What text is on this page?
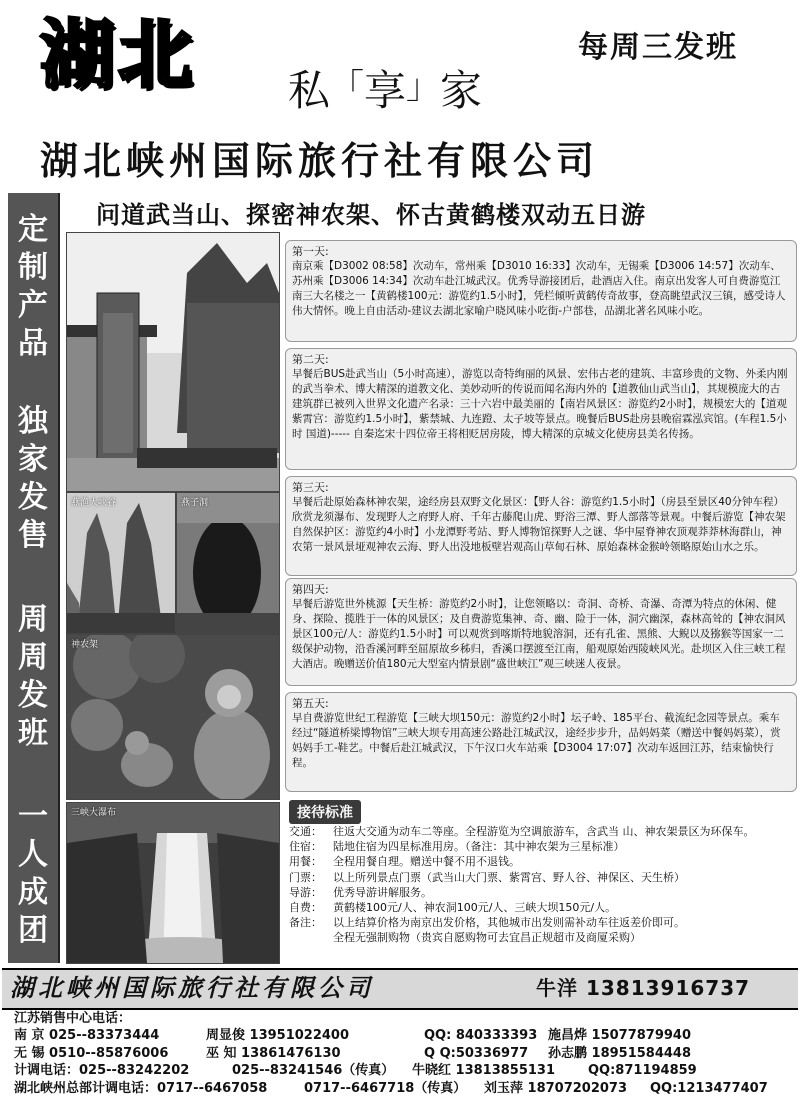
湖北 私「享」家
每周三发班
湖北峡州国际旅行社有限公司
问道武当山、探密神农架、怀古黄鹤楼双动五日游
定
制
产
品
独
家
发
售
周
周
发
班
一
人
成
团
燕渔大峡谷	燕子洞
神农架
三峡大瀑布
第一天:
南京乘【D3002 08:58】次动车，常州乘【D3010 16:33】次动车，无锡乘【D3006 14:57】次动车、苏州乘【D3006 14:34】次动车赴江城武汉。优秀导游接团后，赴酒店入住。南京出发客人可自费游览江南三大名楼之一【黄鹤楼100元：游览约1.5小时】，凭栏倾听黄鹤传奇故事，登高眺望武汉三镇，感受诗人伟大情怀。晚上自由活动-建议去湖北家喻户晓风味小吃街-户部巷，品湖北著名风味小吃。
第二天:
早餐后BUS赴武当山（5小时高速），游览以奇特绚丽的风景、宏伟古老的建筑、丰富珍贵的文物、外柔内刚的武当拳术、博大精深的道教文化、美妙动听的传说而闻名海内外的【道教仙山武当山】，其规模庞大的古建筑群已被列入世界文化遗产名录：三十六岩中最美丽的【南岩风景区：游览约2小时】，规模宏大的【道观紫霄宫：游览约1.5小时】，紫禁城、九连蹬、太子坡等景点。晚餐后BUS赴房县晚宿霖泓宾馆。(车程1.5小时 国道)----- 自秦迄宋十四位帝王将相贬居房陵，博大精深的京城文化使房县美名传扬。
第三天:
早餐后赴原始森林神农架，途经房县双野文化景区：【野人谷：游览约1.5小时】（房县至景区40分钟车程）欣赏龙须瀑布、发现野人之府野人府、千年古藤爬山虎、野浴三潭、野人部落等景观。中餐后游览【神农架自然保护区：游览约4小时】小龙潭野考站、野人博物馆探野人之谜、华中屋脊神农顶观莽莽林海群山，神农第一景风景垭观神农云海、野人出没地板壁岩观高山草甸石林、原始森林金猴岭领略原始山水之乐。
第四天:
早餐后游览世外桃源【天生桥：游览约2小时】，让您领略以：奇洞、奇桥、奇瀑、奇潭为特点的休闲、健身、探险、揽胜于一体的风景区；及自费游览集神、奇、幽、险于一体，洞穴幽深，森林高耸的【神农洞风景区100元/人：游览约1.5小时】可以观赏到喀斯特地貌溶洞，还有孔雀、黑熊、大鲵以及猕猴等国家一二级保护动物，沿香溪河畔至屈原故乡秭归，香溪口摆渡至江南，船观原始西陵峡风光。赴坝区入住三峡工程大酒店。晚赠送价值180元大型室内情景剧“盛世峡江”观三峡迷人夜景。
第五天:
早自费游览世纪工程游览【三峡大坝150元：游览约2小时】坛子岭、185平台、截流纪念园等景点。乘车经过“隧道桥梁博物馆”三峡大坝专用高速公路赴江城武汉，途经步步升，品妈妈菜（赠送中餐妈妈菜），赏妈妈手工-鞋艺。中餐后赴江城武汉，下午汉口火车站乘【D3004 17:07】次动车返回江苏，结束愉快行程。
接待标准
交通：	往返大交通为动车二等座。全程游览为空调旅游车，含武当 山、神农架景区为环保车。
住宿：	陆地住宿为四星标准用房。（备注：其中神农架为三星标准）
用餐：	全程用餐自理。赠送中餐不用不退钱。
门票：	以上所列景点门票（武当山大门票、紫霄宫、野人谷、神保区、天生桥）
导游：	优秀导游讲解服务。
自费：	黄鹤楼100元/人、神农洞100元/人、三峡大坝150元/人。
备注：	以上结算价格为南京出发价格，其他城市出发则需补动车往返差价即可。
全程无强制购物（贵宾自愿购物可去宜昌正规超市及商厦采购）
湖北峡州国际旅行社有限公司	牛洋 13813916737
江苏销售中心电话：
南 京 025--83373444	周显俊 13951022400	QQ: 840333393 施昌烨 15077879940
无 锡 0510--85876006	巫 知 13861476130	Q Q:50336977	孙志鹏 18951584448
计调电话：025--83242202	025--83241546（传真）	牛晓红 13813855131	QQ:871194859
湖北峡州总部计调电话：0717--6467058	0717--6467718（传真）	刘玉萍 18707202073	QQ:1213477407
